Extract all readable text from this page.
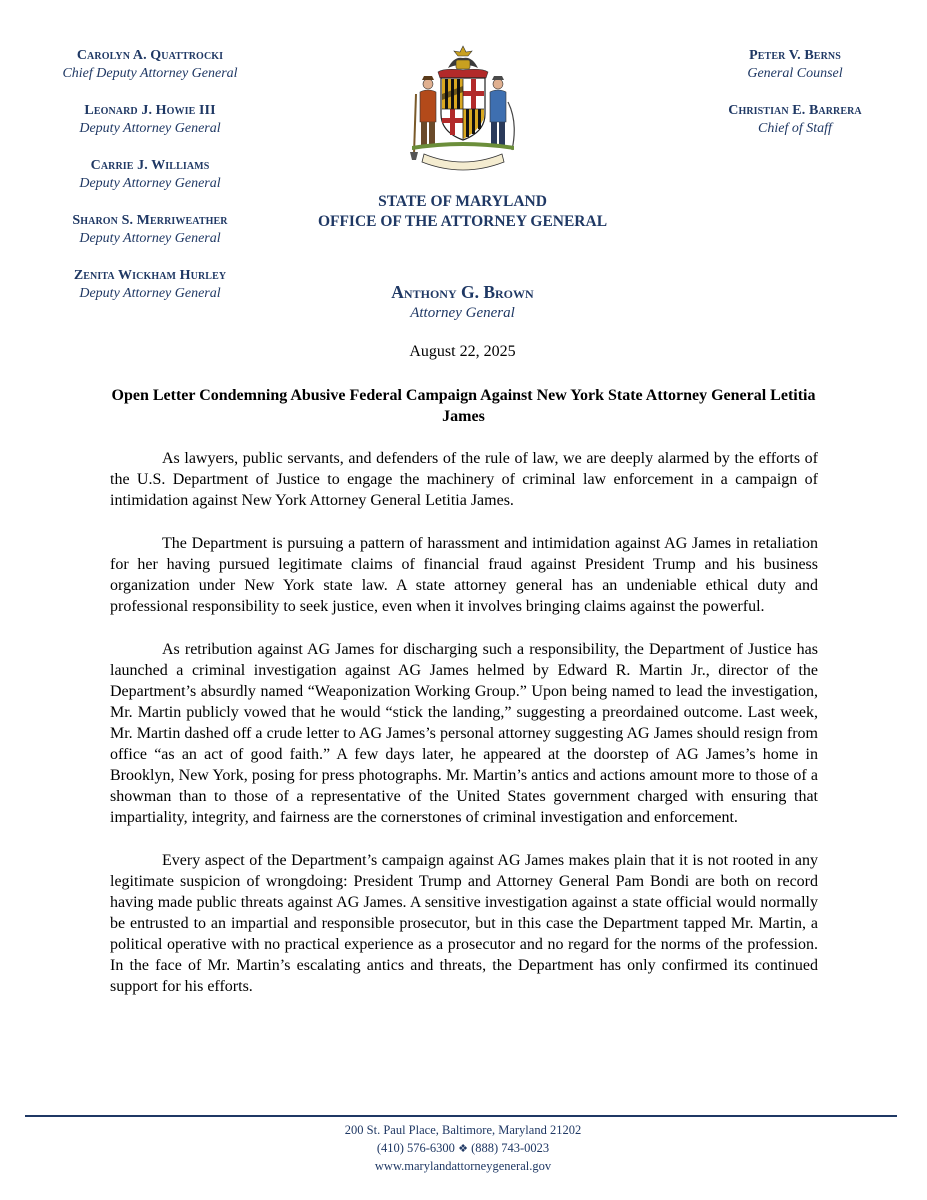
Carolyn A. Quattrocki
Chief Deputy Attorney General
Leonard J. Howie III
Deputy Attorney General
Carrie J. Williams
Deputy Attorney General
Sharon S. Merriweather
Deputy Attorney General
Zenita Wickham Hurley
Deputy Attorney General
Peter V. Berns
General Counsel
Christian E. Barrera
Chief of Staff
STATE OF MARYLAND
OFFICE OF THE ATTORNEY GENERAL
Anthony G. Brown
Attorney General
August 22, 2025
Open Letter Condemning Abusive Federal Campaign Against New York State Attorney General Letitia James

As lawyers, public servants, and defenders of the rule of law, we are deeply alarmed by the efforts of the U.S. Department of Justice to engage the machinery of criminal law enforcement in a campaign of intimidation against New York Attorney General Letitia James.

The Department is pursuing a pattern of harassment and intimidation against AG James in retaliation for her having pursued legitimate claims of financial fraud against President Trump and his business organization under New York state law. A state attorney general has an undeniable ethical duty and professional responsibility to seek justice, even when it involves bringing claims against the powerful.

As retribution against AG James for discharging such a responsibility, the Department of Justice has launched a criminal investigation against AG James helmed by Edward R. Martin Jr., director of the Department’s absurdly named “Weaponization Working Group.” Upon being named to lead the investigation, Mr. Martin publicly vowed that he would “stick the landing,” suggesting a preordained outcome. Last week, Mr. Martin dashed off a crude letter to AG James’s personal attorney suggesting AG James should resign from office “as an act of good faith.” A few days later, he appeared at the doorstep of AG James’s home in Brooklyn, New York, posing for press photographs. Mr. Martin’s antics and actions amount more to those of a showman than to those of a representative of the United States government charged with ensuring that impartiality, integrity, and fairness are the cornerstones of criminal investigation and enforcement.

Every aspect of the Department’s campaign against AG James makes plain that it is not rooted in any legitimate suspicion of wrongdoing: President Trump and Attorney General Pam Bondi are both on record having made public threats against AG James. A sensitive investigation against a state official would normally be entrusted to an impartial and responsible prosecutor, but in this case the Department tapped Mr. Martin, a political operative with no practical experience as a prosecutor and no regard for the norms of the profession. In the face of Mr. Martin’s escalating antics and threats, the Department has only confirmed its continued support for his efforts.

200 St. Paul Place, Baltimore, Maryland 21202
(410) 576-6300 ❖ (888) 743-0023
www.marylandattorneygeneral.gov
